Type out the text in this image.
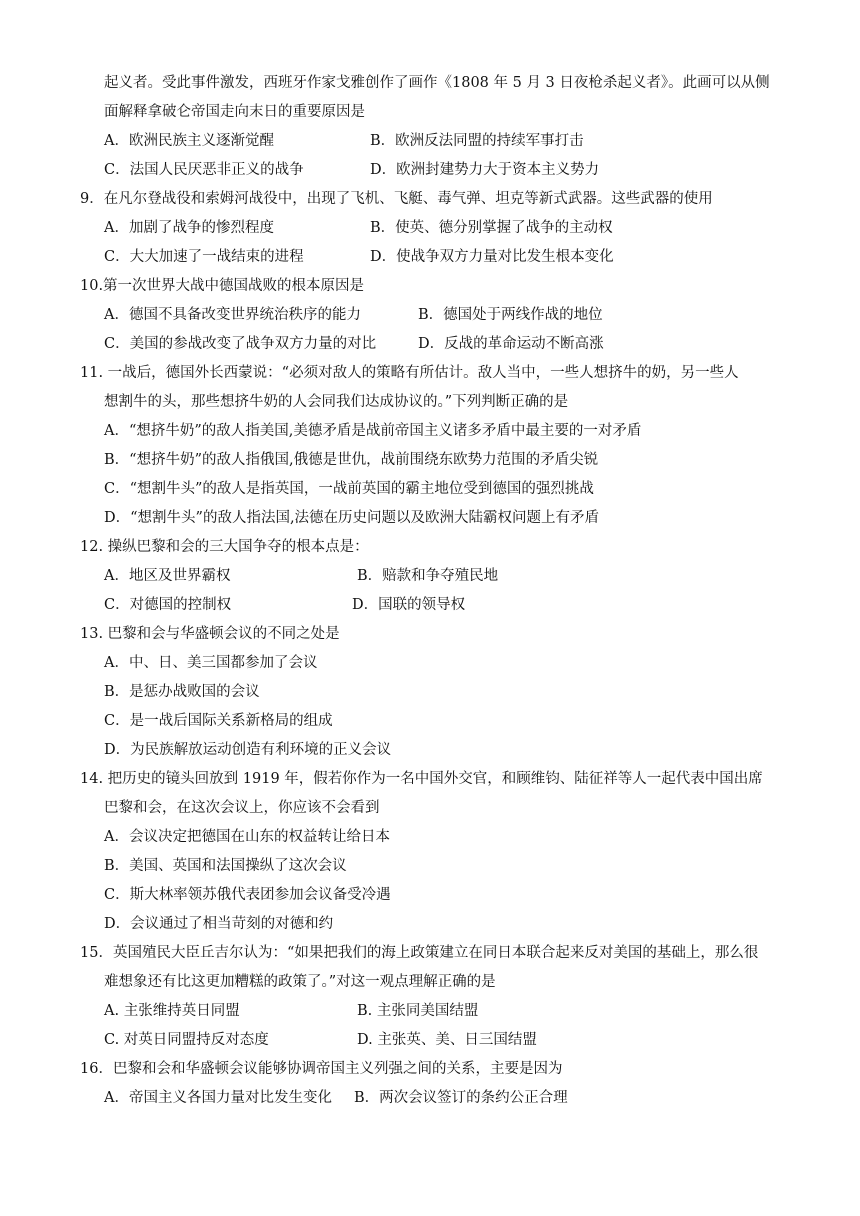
起义者。受此事件激发，西班牙作家戈雅创作了画作《1808 年 5 月 3 日夜枪杀起义者》。此画可以从侧
面解释拿破仑帝国走向末日的重要原因是
A．欧洲民族主义逐渐觉醒	B．欧洲反法同盟的持续军事打击
C．法国人民厌恶非正义的战争	D．欧洲封建势力大于资本主义势力
9．在凡尔登战役和索姆河战役中，出现了飞机、飞艇、毒气弹、坦克等新式武器。这些武器的使用
A．加剧了战争的惨烈程度	B．使英、德分别掌握了战争的主动权
C．大大加速了一战结束的进程	D．使战争双方力量对比发生根本变化
10.第一次世界大战中德国战败的根本原因是
A．德国不具备改变世界统治秩序的能力	B．德国处于两线作战的地位
C．美国的参战改变了战争双方力量的对比	D．反战的革命运动不断高涨
11. 一战后，德国外长西蒙说：“必须对敌人的策略有所估计。敌人当中，一些人想挤牛的奶，另一些人
想割牛的头，那些想挤牛奶的人会同我们达成协议的。”下列判断正确的是
A．“想挤牛奶”的敌人指美国,美德矛盾是战前帝国主义诸多矛盾中最主要的一对矛盾
B．“想挤牛奶”的敌人指俄国,俄德是世仇，战前围绕东欧势力范围的矛盾尖锐
C．“想割牛头”的敌人是指英国，一战前英国的霸主地位受到德国的强烈挑战
D．“想割牛头”的敌人指法国,法德在历史问题以及欧洲大陆霸权问题上有矛盾
12. 操纵巴黎和会的三大国争夺的根本点是：
A．地区及世界霸权	B．赔款和争夺殖民地
C．对德国的控制权	D．国联的领导权
13. 巴黎和会与华盛顿会议的不同之处是
A．中、日、美三国都参加了会议
B．是惩办战败国的会议
C．是一战后国际关系新格局的组成
D．为民族解放运动创造有利环境的正义会议
14. 把历史的镜头回放到 1919 年，假若你作为一名中国外交官，和顾维钧、陆征祥等人一起代表中国出席
巴黎和会，在这次会议上，你应该不会看到
A．会议决定把德国在山东的权益转让给日本
B．美国、英国和法国操纵了这次会议
C．斯大林率领苏俄代表团参加会议备受冷遇
D．会议通过了相当苛刻的对德和约
15．英国殖民大臣丘吉尔认为：“如果把我们的海上政策建立在同日本联合起来反对美国的基础上，那么很
难想象还有比这更加糟糕的政策了。”对这一观点理解正确的是
A. 主张维持英日同盟	B. 主张同美国结盟
C. 对英日同盟持反对态度	D. 主张英、美、日三国结盟
16．巴黎和会和华盛顿会议能够协调帝国主义列强之间的关系，主要是因为
A．帝国主义各国力量对比发生变化 B．两次会议签订的条约公正合理
